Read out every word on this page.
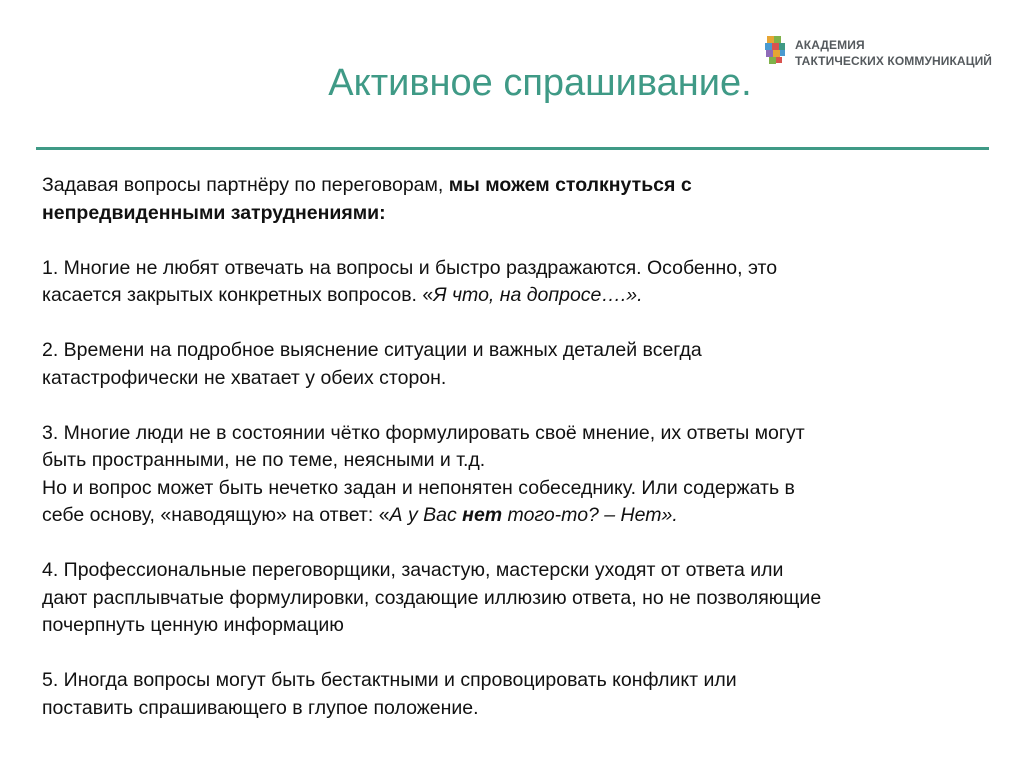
АКАДЕМИЯ
ТАКТИЧЕСКИХ КОММУНИКАЦИЙ
Активное спрашивание.

Задавая вопросы партнёру по переговорам, мы можем столкнуться с

непредвиденными затруднениями:

1. Многие не любят отвечать на вопросы и быстро раздражаются. Особенно, это

касается закрытых конкретных вопросов. «Я что, на допросе….».

2. Времени на подробное выяснение ситуации и важных деталей всегда

катастрофически не хватает у обеих сторон.

3. Многие люди не в состоянии чётко формулировать своё мнение, их ответы могут

быть пространными, не по теме, неясными и т.д.

Но и вопрос может быть нечетко задан и непонятен собеседнику. Или содержать в

себе основу, «наводящую» на ответ: «А у Вас нет того-то? – Нет».

4. Профессиональные переговорщики, зачастую, мастерски уходят от ответа или

дают расплывчатые формулировки, создающие иллюзию ответа, но не позволяющие

почерпнуть ценную информацию

5. Иногда вопросы могут быть бестактными и спровоцировать конфликт или

поставить спрашивающего в глупое положение.
